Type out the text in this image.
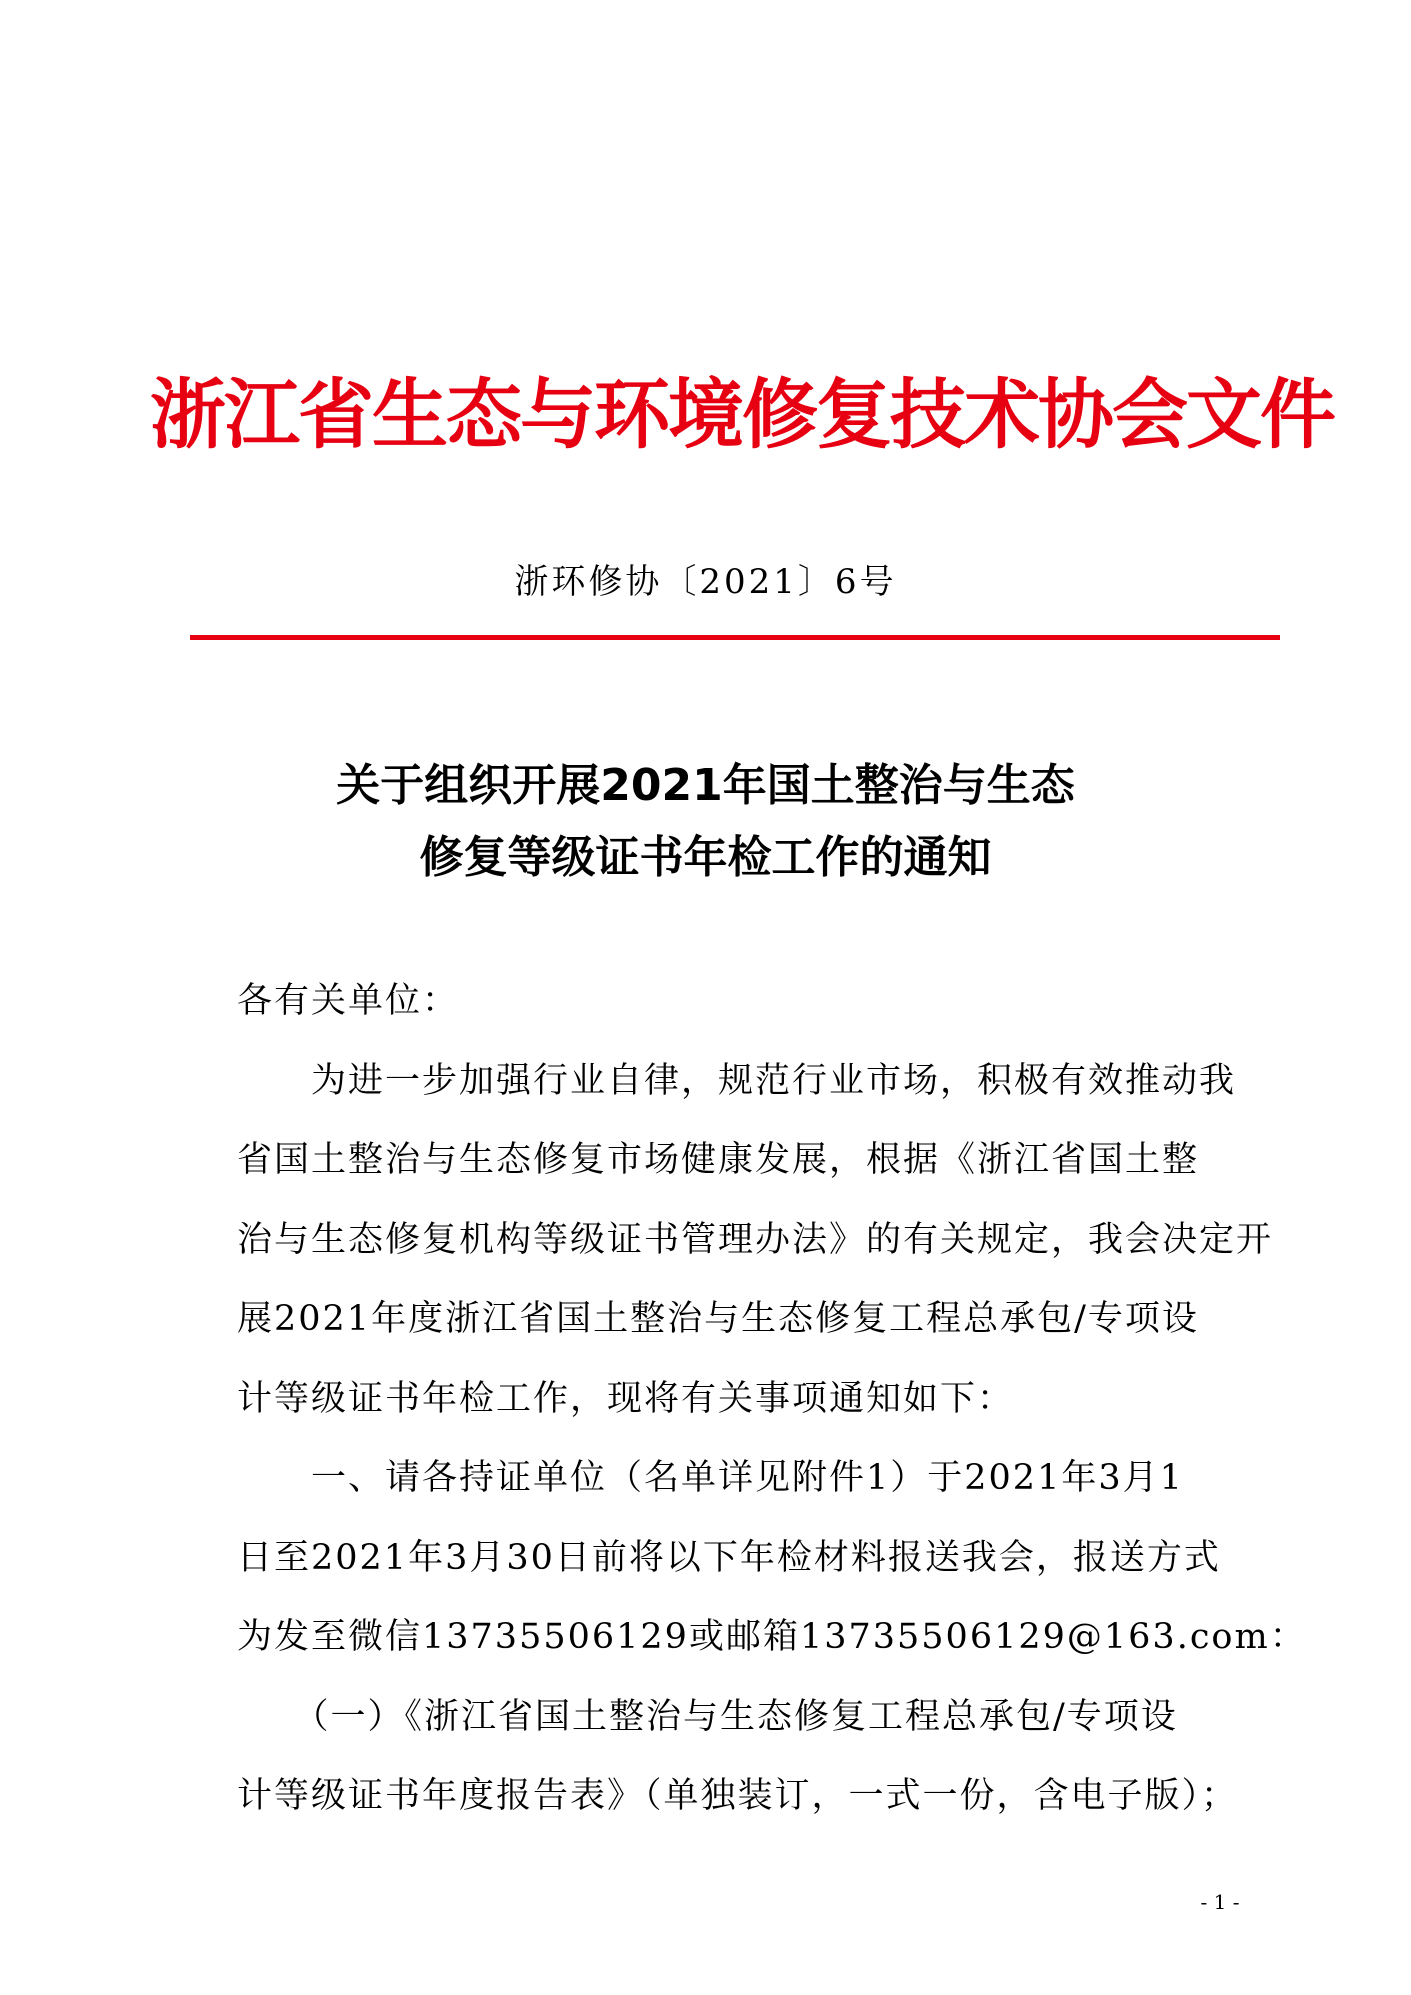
浙江省生态与环境修复技术协会文件
浙环修协〔2021〕6号
关于组织开展2021年国土整治与生态
修复等级证书年检工作的通知
各有关单位：
　　为进一步加强行业自律，规范行业市场，积极有效推动我
省国土整治与生态修复市场健康发展，根据《浙江省国土整
治与生态修复机构等级证书管理办法》的有关规定，我会决定开
展2021年度浙江省国土整治与生态修复工程总承包/专项设
计等级证书年检工作，现将有关事项通知如下：
　　一、请各持证单位（名单详见附件1）于2021年3月1
日至2021年3月30日前将以下年检材料报送我会，报送方式
为发至微信13735506129或邮箱13735506129@163.com：
　　（一）《浙江省国土整治与生态修复工程总承包/专项设
计等级证书年度报告表》（单独装订，一式一份，含电子版）；
- 1 -
